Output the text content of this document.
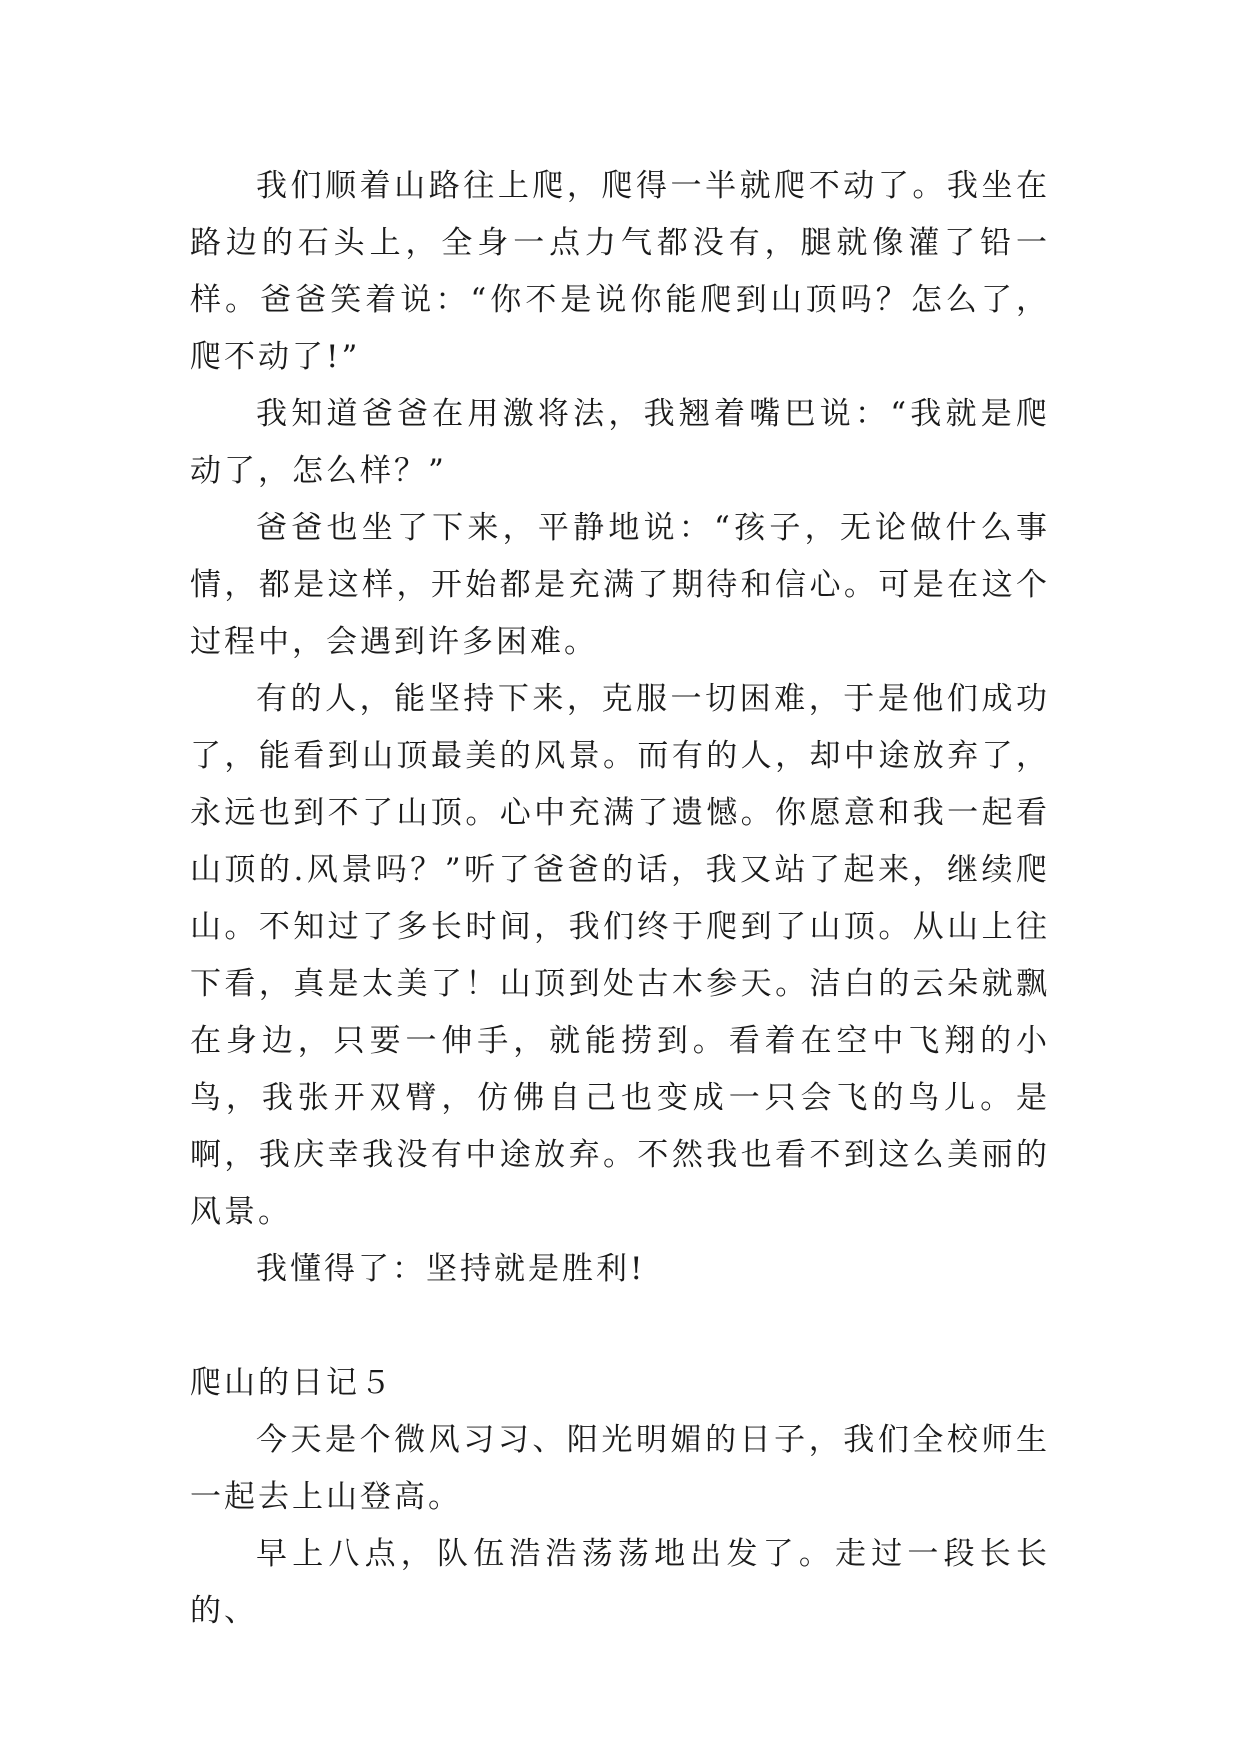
我们顺着山路往上爬，爬得一半就爬不动了。我坐在路边的石头上，全身一点力气都没有，腿就像灌了铅一样。爸爸笑着说：“你不是说你能爬到山顶吗？怎么了，爬不动了!”

我知道爸爸在用激将法，我翘着嘴巴说：“我就是爬动了，怎么样？”

爸爸也坐了下来，平静地说：“孩子，无论做什么事情，都是这样，开始都是充满了期待和信心。可是在这个过程中，会遇到许多困难。

有的人，能坚持下来，克服一切困难，于是他们成功了，能看到山顶最美的风景。而有的人，却中途放弃了，永远也到不了山顶。心中充满了遗憾。你愿意和我一起看山顶的.风景吗？”听了爸爸的话，我又站了起来，继续爬山。不知过了多长时间，我们终于爬到了山顶。从山上往下看，真是太美了！山顶到处古木参天。洁白的云朵就飘在身边，只要一伸手，就能捞到。看着在空中飞翔的小鸟，我张开双臂，仿佛自己也变成一只会飞的鸟儿。是啊，我庆幸我没有中途放弃。不然我也看不到这么美丽的风景。

我懂得了：坚持就是胜利!

爬山的日记５

今天是个微风习习、阳光明媚的日子，我们全校师生一起去上山登高。

早上八点，队伍浩浩荡荡地出发了。走过一段长长的、
